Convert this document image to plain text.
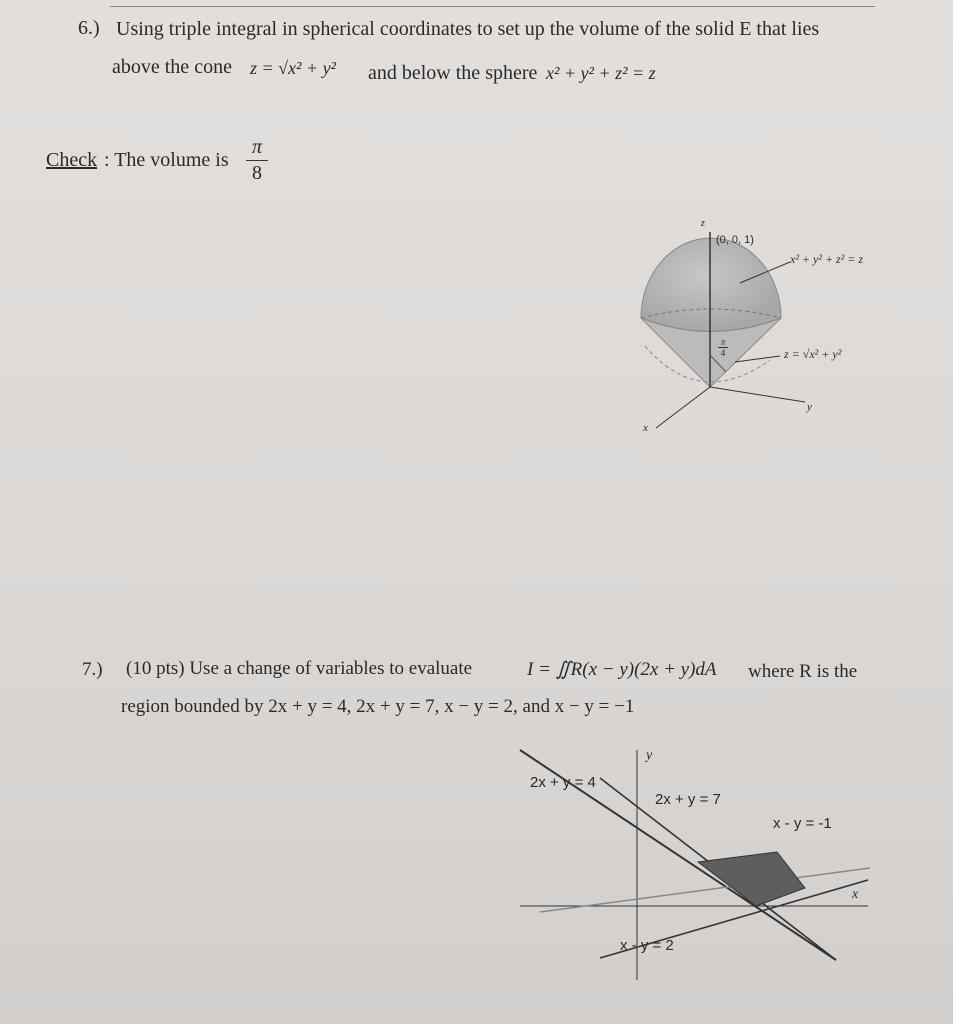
6.) Using triple integral in spherical coordinates to set up the volume of the solid E that lies
above the cone z = √x² + y² and below the sphere x² + y² + z² = z
Check : The volume is
π
8
(0, 0, 1)
z
x
y
x² + y² + z² = z
z = √x² + y²
π
4
7.) (10 pts) Use a change of variables to evaluate	I = ∬R(x − y)(2x + y)dA where R is the
region bounded by 2x + y = 4, 2x + y = 7, x − y = 2, and x − y = −1
y
x
2x + y = 4
2x + y = 7
x - y = -1
x - y = 2
